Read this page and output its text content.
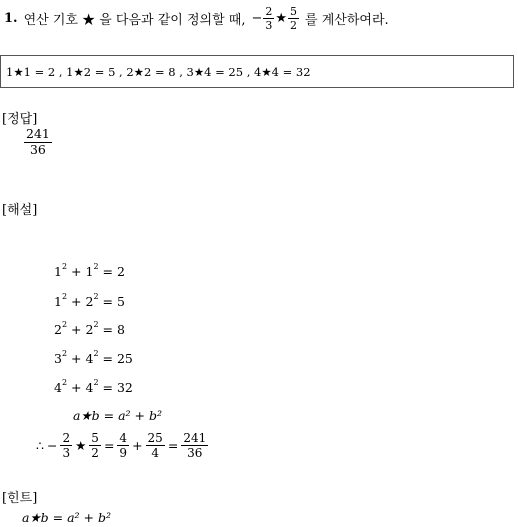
1. 연산 기호 ★ 을 다음과 같이 정의할 때, − $\frac{2}{3}$ ★ $\frac{5}{2}$ 를 계산하여라.
1★1 = 2 , 1★2 = 5 , 2★2 = 8 , 3★4 = 25 , 4★4 = 32
[정답]
$\frac{241}{36}$
[해설]
$1^2 + 1^2 = 2$
$1^2 + 2^2 = 5$
$2^2 + 2^2 = 8$
$3^2 + 4^2 = 25$
$4^2 + 4^2 = 32$
a★b = a² + b²
∴ − $\frac{2}{3}$ ★ $\frac{5}{2} = \frac{4}{9} + \frac{25}{4} = \frac{241}{36}$
[힌트]
a★b = a² + b²
